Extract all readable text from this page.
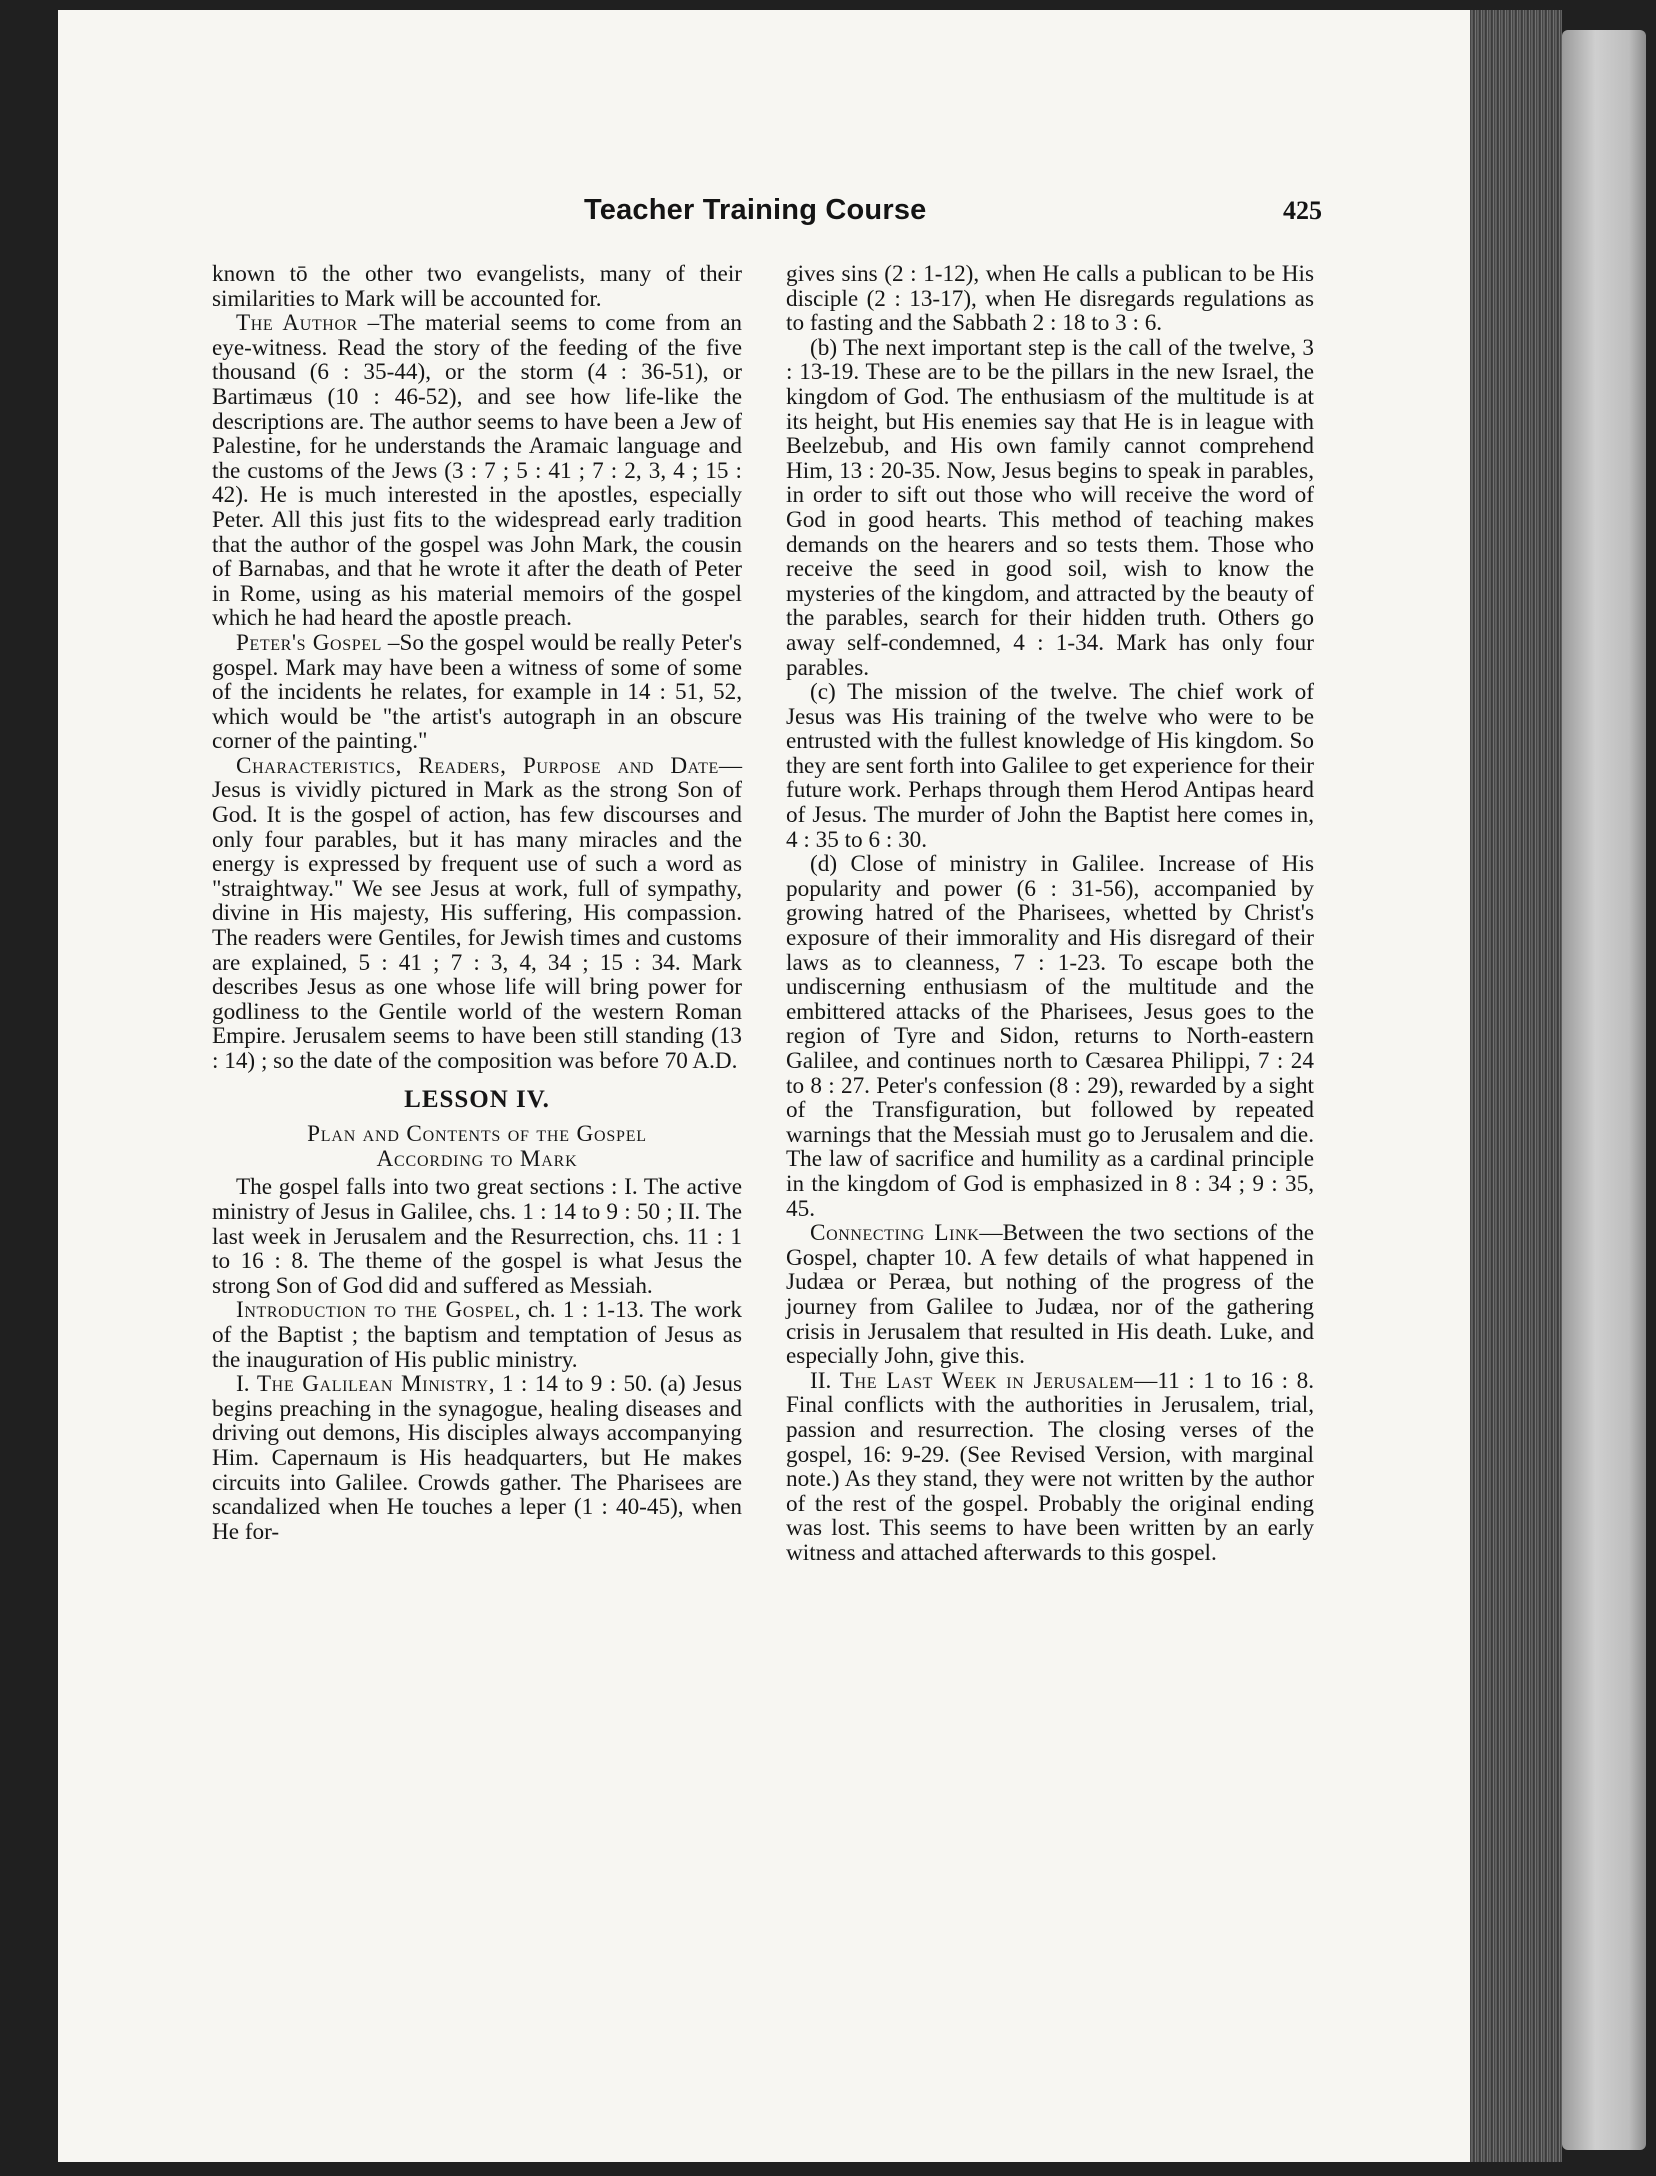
Teacher Training Course	425

known tō the other two evangelists, many of their similarities to Mark will be accounted for.

The Author –The material seems to come from an eye-witness. Read the story of the feeding of the five thousand (6 : 35-44), or the storm (4 : 36-51), or Bartimæus (10 : 46-52), and see how life-like the descriptions are. The author seems to have been a Jew of Palestine, for he understands the Aramaic language and the customs of the Jews (3 : 7 ; 5 : 41 ; 7 : 2, 3, 4 ; 15 : 42). He is much interested in the apostles, especially Peter. All this just fits to the widespread early tradition that the author of the gospel was John Mark, the cousin of Barnabas, and that he wrote it after the death of Peter in Rome, using as his material memoirs of the gospel which he had heard the apostle preach.

Peter's Gospel –So the gospel would be really Peter's gospel. Mark may have been a witness of some of some of the incidents he relates, for example in 14 : 51, 52, which would be "the artist's autograph in an obscure corner of the painting."

Characteristics, Readers, Purpose and Date—Jesus is vividly pictured in Mark as the strong Son of God. It is the gospel of action, has few discourses and only four parables, but it has many miracles and the energy is expressed by frequent use of such a word as "straightway." We see Jesus at work, full of sympathy, divine in His majesty, His suffering, His compassion. The readers were Gentiles, for Jewish times and customs are explained, 5 : 41 ; 7 : 3, 4, 34 ; 15 : 34. Mark describes Jesus as one whose life will bring power for godliness to the Gentile world of the western Roman Empire. Jerusalem seems to have been still standing (13 : 14) ; so the date of the composition was before 70 A.D.

LESSON IV.
Plan and Contents of the Gospel
According to Mark

The gospel falls into two great sections : I. The active ministry of Jesus in Galilee, chs. 1 : 14 to 9 : 50 ; II. The last week in Jerusalem and the Resurrection, chs. 11 : 1 to 16 : 8. The theme of the gospel is what Jesus the strong Son of God did and suffered as Messiah.

Introduction to the Gospel, ch. 1 : 1-13. The work of the Baptist ; the baptism and temptation of Jesus as the inauguration of His public ministry.

I. The Galilean Ministry, 1 : 14 to 9 : 50. (a) Jesus begins preaching in the synagogue, healing diseases and driving out demons, His disciples always accompanying Him. Capernaum is His headquarters, but He makes circuits into Galilee. Crowds gather. The Pharisees are scandalized when He touches a leper (1 : 40-45), when He for-

gives sins (2 : 1-12), when He calls a publican to be His disciple (2 : 13-17), when He disregards regulations as to fasting and the Sabbath 2 : 18 to 3 : 6.

(b) The next important step is the call of the twelve, 3 : 13-19. These are to be the pillars in the new Israel, the kingdom of God. The enthusiasm of the multitude is at its height, but His enemies say that He is in league with Beelzebub, and His own family cannot comprehend Him, 13 : 20-35. Now, Jesus begins to speak in parables, in order to sift out those who will receive the word of God in good hearts. This method of teaching makes demands on the hearers and so tests them. Those who receive the seed in good soil, wish to know the mysteries of the kingdom, and attracted by the beauty of the parables, search for their hidden truth. Others go away self-condemned, 4 : 1-34. Mark has only four parables.

(c) The mission of the twelve. The chief work of Jesus was His training of the twelve who were to be entrusted with the fullest knowledge of His kingdom. So they are sent forth into Galilee to get experience for their future work. Perhaps through them Herod Antipas heard of Jesus. The murder of John the Baptist here comes in, 4 : 35 to 6 : 30.

(d) Close of ministry in Galilee. Increase of His popularity and power (6 : 31-56), accompanied by growing hatred of the Pharisees, whetted by Christ's exposure of their immorality and His disregard of their laws as to cleanness, 7 : 1-23. To escape both the undiscerning enthusiasm of the multitude and the embittered attacks of the Pharisees, Jesus goes to the region of Tyre and Sidon, returns to North-eastern Galilee, and continues north to Cæsarea Philippi, 7 : 24 to 8 : 27. Peter's confession (8 : 29), rewarded by a sight of the Transfiguration, but followed by repeated warnings that the Messiah must go to Jerusalem and die. The law of sacrifice and humility as a cardinal principle in the kingdom of God is emphasized in 8 : 34 ; 9 : 35, 45.

Connecting Link—Between the two sections of the Gospel, chapter 10. A few details of what happened in Judæa or Peræa, but nothing of the progress of the journey from Galilee to Judæa, nor of the gathering crisis in Jerusalem that resulted in His death. Luke, and especially John, give this.

II. The Last Week in Jerusalem—11 : 1 to 16 : 8. Final conflicts with the authorities in Jerusalem, trial, passion and resurrection. The closing verses of the gospel, 16: 9-29. (See Revised Version, with marginal note.) As they stand, they were not written by the author of the rest of the gospel. Probably the original ending was lost. This seems to have been written by an early witness and attached afterwards to this gospel.
